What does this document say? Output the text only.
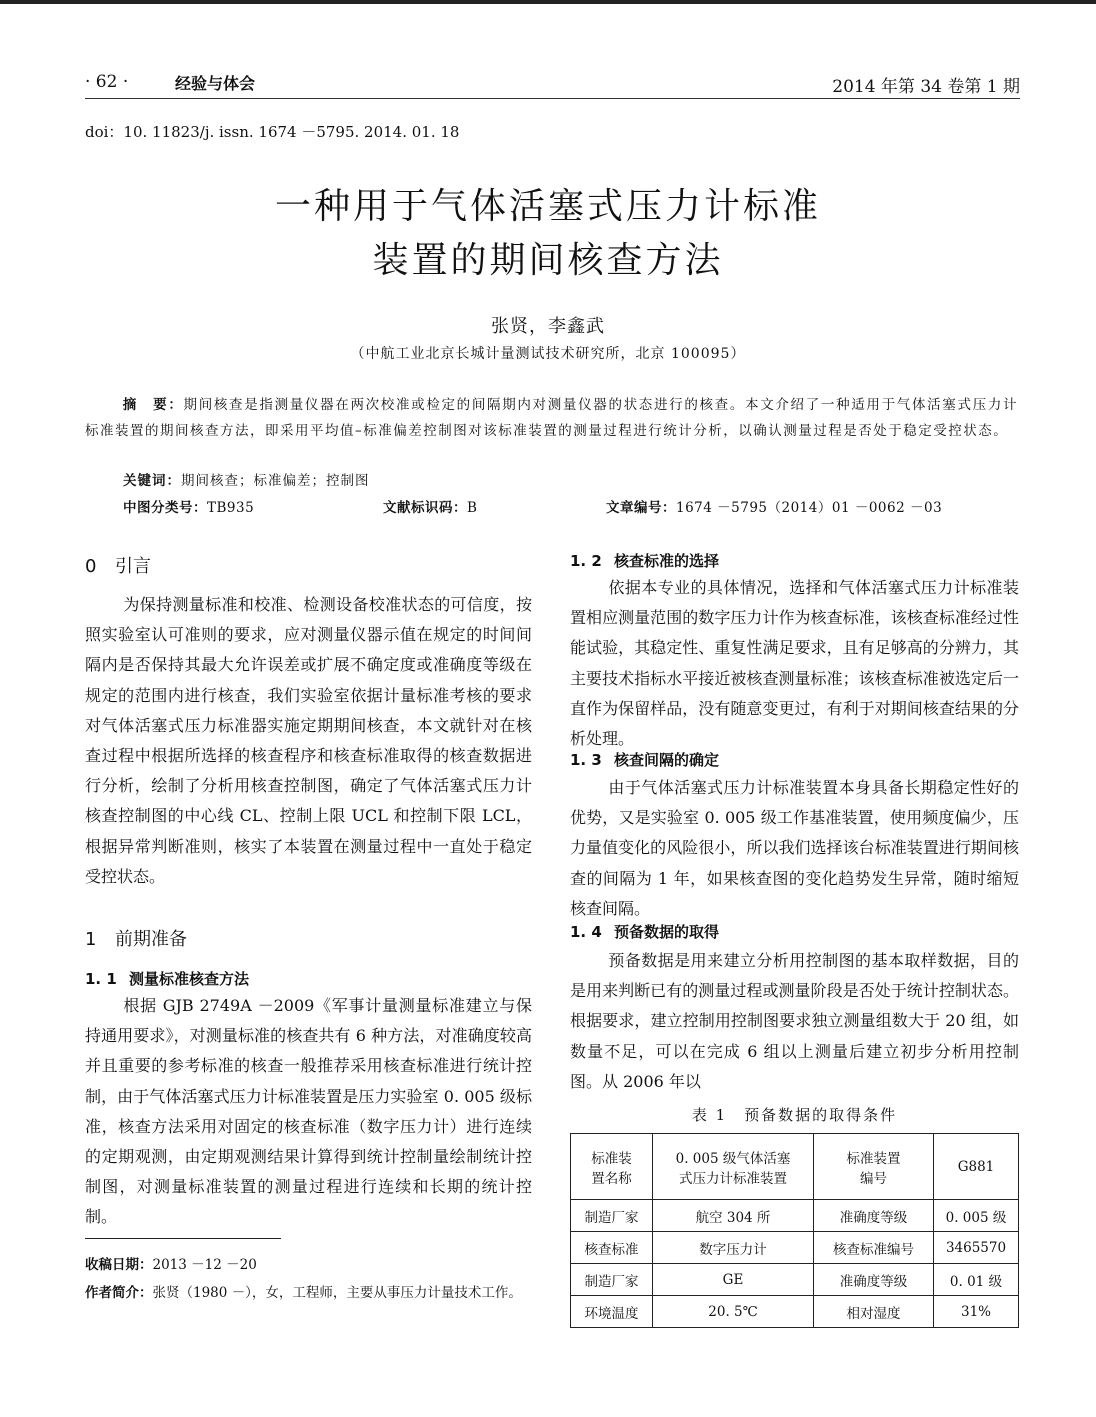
· 62 ·	经验与体会	2014 年第 34 卷第 1 期
doi：10. 11823/j. issn. 1674 －5795. 2014. 01. 18
一种用于气体活塞式压力计标准
装置的期间核查方法
张贤，李鑫武
（中航工业北京长城计量测试技术研究所，北京 100095）
摘　要：期间核查是指测量仪器在两次校准或检定的间隔期内对测量仪器的状态进行的核查。本文介绍了一种适用于气体活塞式压力计标准装置的期间核查方法，即采用平均值–标准偏差控制图对该标准装置的测量过程进行统计分析，以确认测量过程是否处于稳定受控状态。
关键词：期间核查；标准偏差；控制图
中图分类号：TB935	文献标识码：B	文章编号：1674 －5795（2014）01 －0062 －03
0 引言
为保持测量标准和校准、检测设备校准状态的可信度，按照实验室认可准则的要求，应对测量仪器示值在规定的时间间隔内是否保持其最大允许误差或扩展不确定度或准确度等级在规定的范围内进行核查，我们实验室依据计量标准考核的要求对气体活塞式压力标准器实施定期期间核查，本文就针对在核查过程中根据所选择的核查程序和核查标准取得的核查数据进行分析，绘制了分析用核查控制图，确定了气体活塞式压力计核查控制图的中心线 CL、控制上限 UCL 和控制下限 LCL，根据异常判断准则，核实了本装置在测量过程中一直处于稳定受控状态。
1 前期准备
1. 1 测量标准核查方法
根据 GJB 2749A －2009《军事计量测量标准建立与保持通用要求》，对测量标准的核查共有 6 种方法，对准确度较高并且重要的参考标准的核查一般推荐采用核查标准进行统计控制，由于气体活塞式压力计标准装置是压力实验室 0. 005 级标准，核查方法采用对固定的核查标准（数字压力计）进行连续的定期观测，由定期观测结果计算得到统计控制量绘制统计控制图，对测量标准装置的测量过程进行连续和长期的统计控制。
收稿日期：2013 －12 －20
作者简介：张贤（1980 －），女，工程师，主要从事压力计量技术工作。
1. 2 核查标准的选择
依据本专业的具体情况，选择和气体活塞式压力计标准装置相应测量范围的数字压力计作为核查标准，该核查标准经过性能试验，其稳定性、重复性满足要求，且有足够高的分辨力，其主要技术指标水平接近被核查测量标准；该核查标准被选定后一直作为保留样品，没有随意变更过，有利于对期间核查结果的分析处理。
1. 3 核查间隔的确定
由于气体活塞式压力计标准装置本身具备长期稳定性好的优势，又是实验室 0. 005 级工作基准装置，使用频度偏少，压力量值变化的风险很小，所以我们选择该台标准装置进行期间核查的间隔为 1 年，如果核查图的变化趋势发生异常，随时缩短核查间隔。
1. 4 预备数据的取得
预备数据是用来建立分析用控制图的基本取样数据，目的是用来判断已有的测量过程或测量阶段是否处于统计控制状态。根据要求，建立控制用控制图要求独立测量组数大于 20 组，如数量不足，可以在完成 6 组以上测量后建立初步分析用控制图。从 2006 年以
表 1　预备数据的取得条件
标准装置名称	0. 005 级气体活塞式压力计标准装置	标准装置编号	G881
制造厂家	航空 304 所	准确度等级	0. 005 级
核查标准	数字压力计	核查标准编号	3465570
制造厂家	GE	准确度等级	0. 01 级
环境温度	20. 5℃	相对湿度	31%
